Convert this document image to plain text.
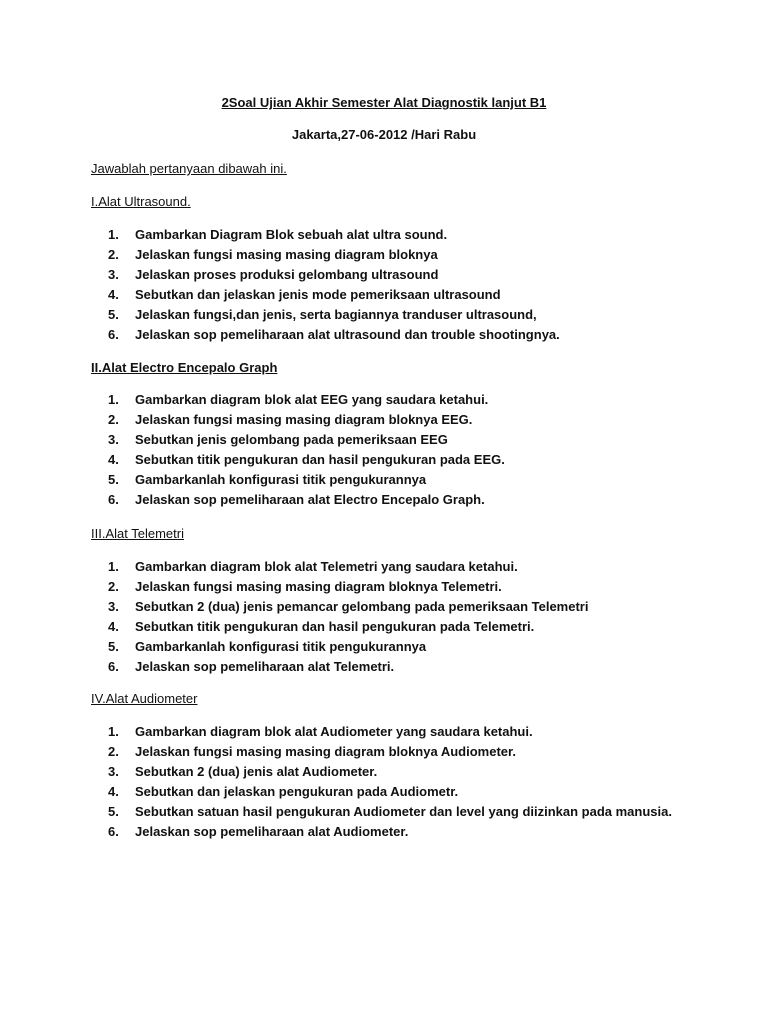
2Soal Ujian Akhir Semester Alat Diagnostik lanjut B1
Jakarta,27-06-2012 /Hari Rabu
Jawablah pertanyaan dibawah ini.
I.Alat Ultrasound.
1.	Gambarkan Diagram Blok sebuah alat ultra sound.
2.	Jelaskan fungsi masing masing diagram bloknya
3.	Jelaskan proses produksi gelombang ultrasound
4.	Sebutkan dan jelaskan jenis mode pemeriksaan ultrasound
5.	Jelaskan fungsi,dan jenis, serta bagiannya tranduser ultrasound,
6.	Jelaskan sop pemeliharaan alat ultrasound dan trouble shootingnya.
II.Alat Electro Encepalo Graph
1.	Gambarkan diagram blok alat EEG yang saudara ketahui.
2.	Jelaskan fungsi masing masing diagram bloknya EEG.
3.	Sebutkan jenis gelombang pada pemeriksaan EEG
4.	Sebutkan titik pengukuran dan hasil pengukuran pada EEG.
5.	Gambarkanlah konfigurasi titik pengukurannya
6.	Jelaskan sop pemeliharaan alat Electro Encepalo Graph.
III.Alat Telemetri
1.	Gambarkan diagram blok alat Telemetri yang saudara ketahui.
2.	Jelaskan fungsi masing masing diagram bloknya Telemetri.
3.	Sebutkan 2 (dua) jenis pemancar gelombang pada pemeriksaan Telemetri
4.	Sebutkan titik pengukuran dan hasil pengukuran pada Telemetri.
5.	Gambarkanlah konfigurasi titik pengukurannya
6.	Jelaskan sop pemeliharaan alat Telemetri.
IV.Alat Audiometer
1.	Gambarkan diagram blok alat Audiometer yang saudara ketahui.
2.	Jelaskan fungsi masing masing diagram bloknya Audiometer.
3.	Sebutkan 2 (dua) jenis alat Audiometer.
4.	Sebutkan dan jelaskan pengukuran pada Audiometr.
5.	Sebutkan satuan hasil pengukuran Audiometer dan level yang diizinkan pada manusia.
6.	Jelaskan sop pemeliharaan alat Audiometer.
